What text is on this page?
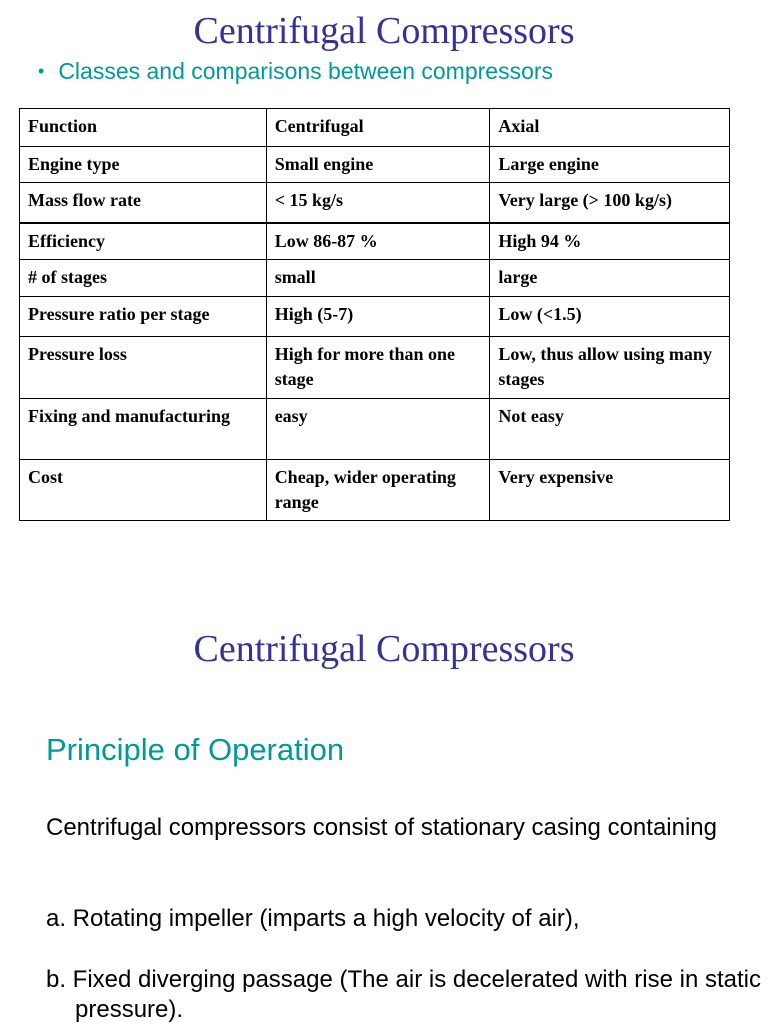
Centrifugal Compressors
• Classes and comparisons between compressors
Function	Centrifugal	Axial
Engine type	Small engine	Large engine
Mass flow rate	< 15 kg/s	Very large (> 100 kg/s)
Efficiency	Low 86-87 %	High 94 %
# of stages	small	large
Pressure ratio per stage	High (5-7)	Low (<1.5)
Pressure loss	High for more than one stage	Low, thus allow using many stages
Fixing and manufacturing	easy	Not easy
Cost	Cheap, wider operating range	Very expensive
Centrifugal Compressors
Principle of Operation

Centrifugal compressors consist of stationary casing containing

a. Rotating impeller (imparts a high velocity of air),

b. Fixed diverging passage (The air is decelerated with rise in static pressure).
